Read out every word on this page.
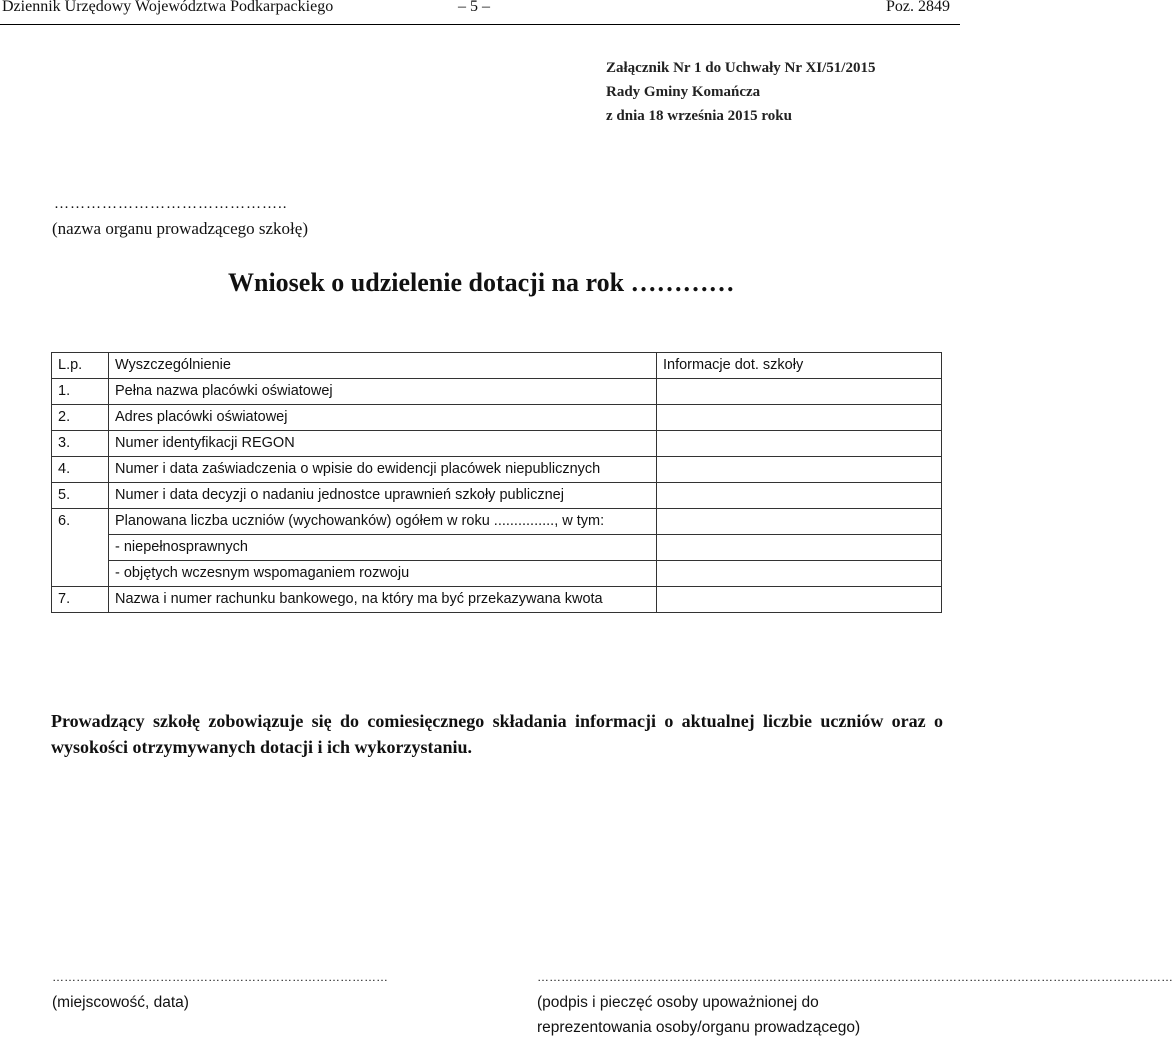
Dziennik Urzędowy Województwa Podkarpackiego	– 5 –	Poz. 2849
Załącznik Nr 1 do Uchwały Nr XI/51/2015
Rady Gminy Komańcza
z dnia 18 września 2015 roku
……………………………………..
(nazwa organu prowadzącego szkołę)
Wniosek o udzielenie dotacji na rok …………
L.p.	Wyszczególnienie	Informacje dot. szkoły
1.	Pełna nazwa placówki oświatowej	
2.	Adres placówki oświatowej	
3.	Numer identyfikacji REGON	
4.	Numer i data zaświadczenia o wpisie do ewidencji placówek niepublicznych	
5.	Numer i data decyzji o nadaniu jednostce uprawnień szkoły publicznej	
6.	Planowana liczba uczniów (wychowanków) ogółem w roku ..............., w tym:	
	- niepełnosprawnych	
	- objętych wczesnym wspomaganiem rozwoju	
7.	Nazwa i numer rachunku bankowego, na który ma być przekazywana kwota	
Prowadzący szkołę zobowiązuje się do comiesięcznego składania informacji o aktualnej liczbie uczniów oraz o wysokości otrzymywanych dotacji i ich wykorzystaniu.
…………………………………………………………………………
(miejscowość, data)
……………………………………………………………………………………………………………………………………………
(podpis i pieczęć osoby upoważnionej do reprezentowania osoby/organu prowadzącego)
